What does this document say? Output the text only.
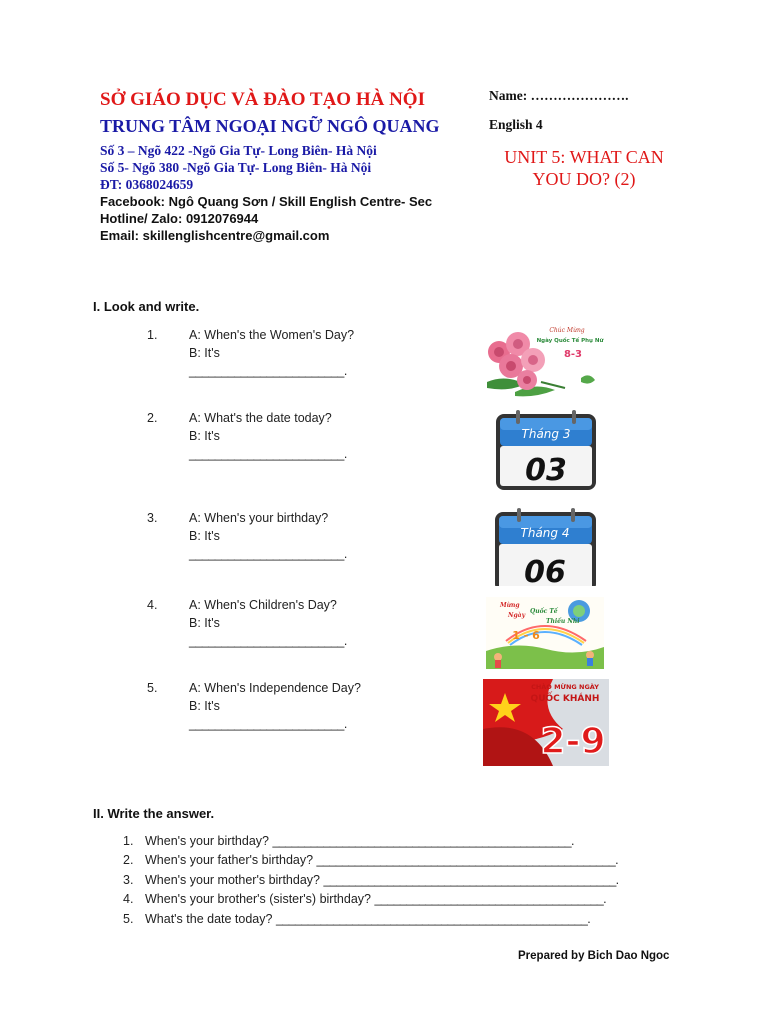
SỞ GIÁO DỤC VÀ ĐÀO TẠO HÀ NỘI
TRUNG TÂM NGOẠI NGỮ NGÔ QUANG
Số 3 – Ngõ 422 -Ngõ Gia Tự- Long Biên- Hà Nội
Số 5- Ngõ 380 -Ngõ Gia Tự- Long Biên- Hà Nội
ĐT: 0368024659
Facebook: Ngô Quang Sơn / Skill English Centre- Sec
Hotline/ Zalo: 0912076944
Email: skillenglishcentre@gmail.com
Name: ………………….
English 4
UNIT 5: WHAT CAN YOU DO? (2)
I. Look and write.
1.	A: When's the Women's Day?
B: It's
________________________.
2.	A: What's the date today?
B: It's
________________________.
3.	A: When's your birthday?
B: It's
________________________.
4.	A: When's Children's Day?
B: It's
________________________.
5.	A: When's Independence Day?
B: It's
________________________.
Chúc Mừng
Ngày Quốc Tế Phụ Nữ
8-3
Tháng 3
03
Tháng 4
06
Mừng
Ngày
Quốc Tế
Thiếu Nhi
1 - 6
CHÀO MỪNG NGÀY
QUỐC KHÁNH
2-9
II. Write the answer.
1. When's your birthday? _______________________________________________.
2. When's your father's birthday? _______________________________________________.
3. When's your mother's birthday? ______________________________________________.
4. When's your brother's (sister's) birthday? ____________________________________.
5. What's the date today? _________________________________________________.
Prepared by Bich Dao Ngoc
